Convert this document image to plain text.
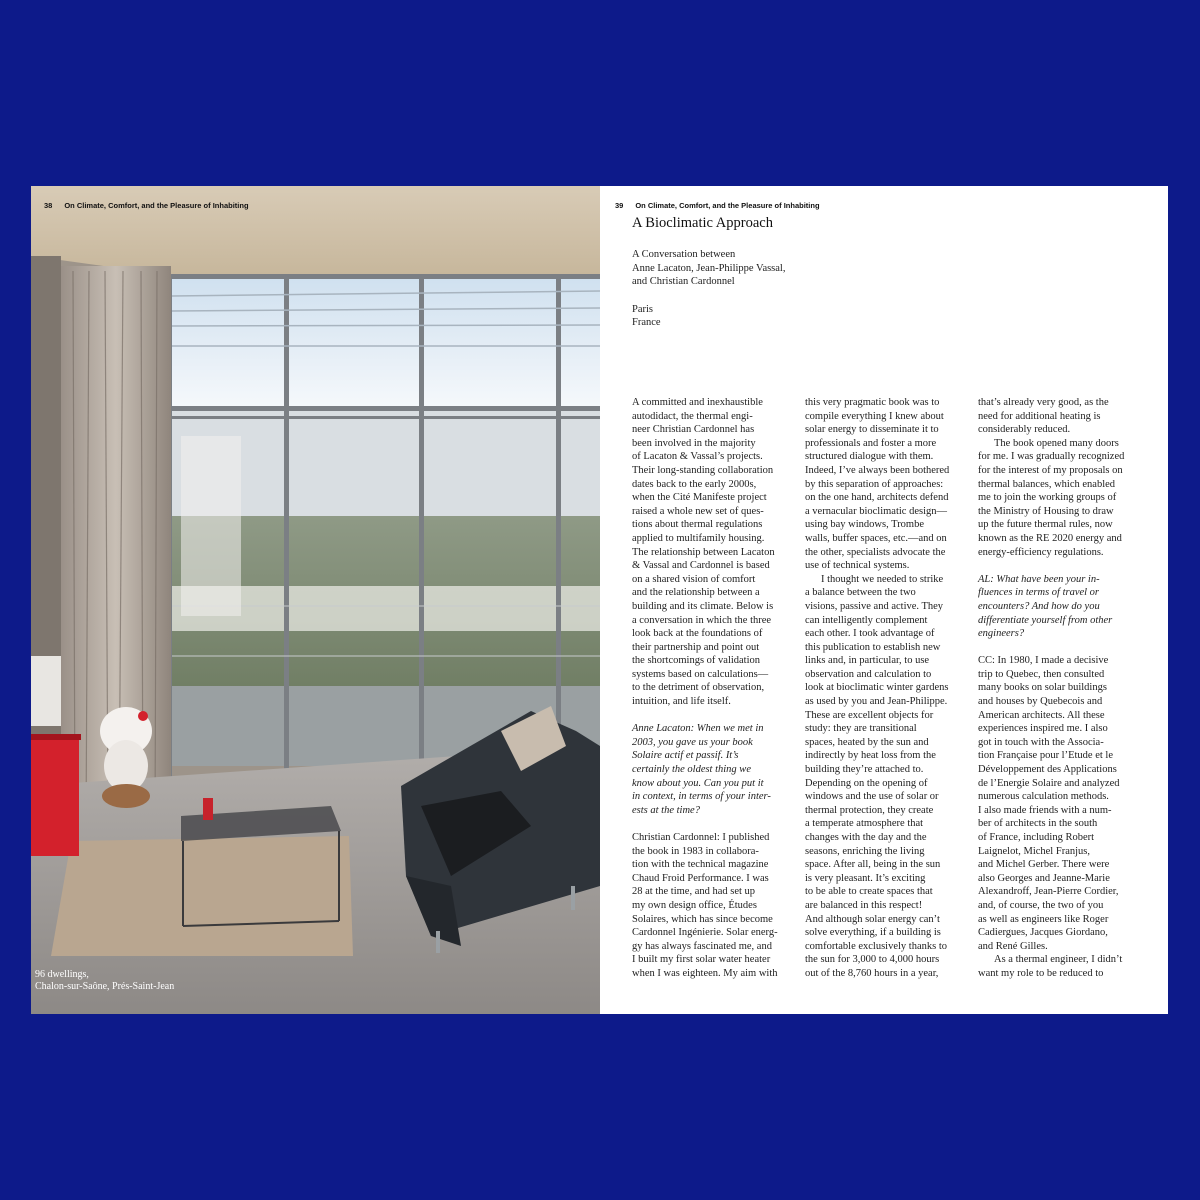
38 On Climate, Comfort, and the Pleasure of Inhabiting
96 dwellings,
Chalon-sur-Saône, Prés-Saint-Jean
39 On Climate, Comfort, and the Pleasure of Inhabiting
A Bioclimatic Approach
A Conversation between
Anne Lacaton, Jean-Philippe Vassal,
and Christian Cardonnel
Paris
France
A committed and inexhaustible
autodidact, the thermal engi-
neer Christian Cardonnel has
been involved in the majority
of Lacaton & Vassal’s projects.
Their long-standing collaboration
dates back to the early 2000s,
when the Cité Manifeste project
raised a whole new set of ques-
tions about thermal regulations
applied to multifamily housing.
The relationship between Lacaton
& Vassal and Cardonnel is based
on a shared vision of comfort
and the relationship between a
building and its climate. Below is
a conversation in which the three
look back at the foundations of
their partnership and point out
the shortcomings of validation
systems based on calculations—
to the detriment of observation,
intuition, and life itself.
Anne Lacaton: When we met in
2003, you gave us your book
Solaire actif et passif. It’s
certainly the oldest thing we
know about you. Can you put it
in context, in terms of your inter-
ests at the time?
Christian Cardonnel: I published
the book in 1983 in collabora-
tion with the technical magazine
Chaud Froid Performance. I was
28 at the time, and had set up
my own design office, Études
Solaires, which has since become
Cardonnel Ingénierie. Solar energ-
gy has always fascinated me, and
I built my first solar water heater
when I was eighteen. My aim with
this very pragmatic book was to
compile everything I knew about
solar energy to disseminate it to
professionals and foster a more
structured dialogue with them.
Indeed, I’ve always been bothered
by this separation of approaches:
on the one hand, architects defend
a vernacular bioclimatic design—
using bay windows, Trombe
walls, buffer spaces, etc.—and on
the other, specialists advocate the
use of technical systems.
I thought we needed to strike
a balance between the two
visions, passive and active. They
can intelligently complement
each other. I took advantage of
this publication to establish new
links and, in particular, to use
observation and calculation to
look at bioclimatic winter gardens
as used by you and Jean-Philippe.
These are excellent objects for
study: they are transitional
spaces, heated by the sun and
indirectly by heat loss from the
building they’re attached to.
Depending on the opening of
windows and the use of solar or
thermal protection, they create
a temperate atmosphere that
changes with the day and the
seasons, enriching the living
space. After all, being in the sun
is very pleasant. It’s exciting
to be able to create spaces that
are balanced in this respect!
And although solar energy can’t
solve everything, if a building is
comfortable exclusively thanks to
the sun for 3,000 to 4,000 hours
out of the 8,760 hours in a year,
that’s already very good, as the
need for additional heating is
considerably reduced.
The book opened many doors
for me. I was gradually recognized
for the interest of my proposals on
thermal balances, which enabled
me to join the working groups of
the Ministry of Housing to draw
up the future thermal rules, now
known as the RE 2020 energy and
energy-efficiency regulations.
AL: What have been your in-
fluences in terms of travel or
encounters? And how do you
differentiate yourself from other
engineers?
CC: In 1980, I made a decisive
trip to Quebec, then consulted
many books on solar buildings
and houses by Quebecois and
American architects. All these
experiences inspired me. I also
got in touch with the Associa-
tion Française pour l’Etude et le
Développement des Applications
de l’Energie Solaire and analyzed
numerous calculation methods.
I also made friends with a num-
ber of architects in the south
of France, including Robert
Laignelot, Michel Franjus,
and Michel Gerber. There were
also Georges and Jeanne-Marie
Alexandroff, Jean-Pierre Cordier,
and, of course, the two of you
as well as engineers like Roger
Cadiergues, Jacques Giordano,
and René Gilles.
As a thermal engineer, I didn’t
want my role to be reduced to
